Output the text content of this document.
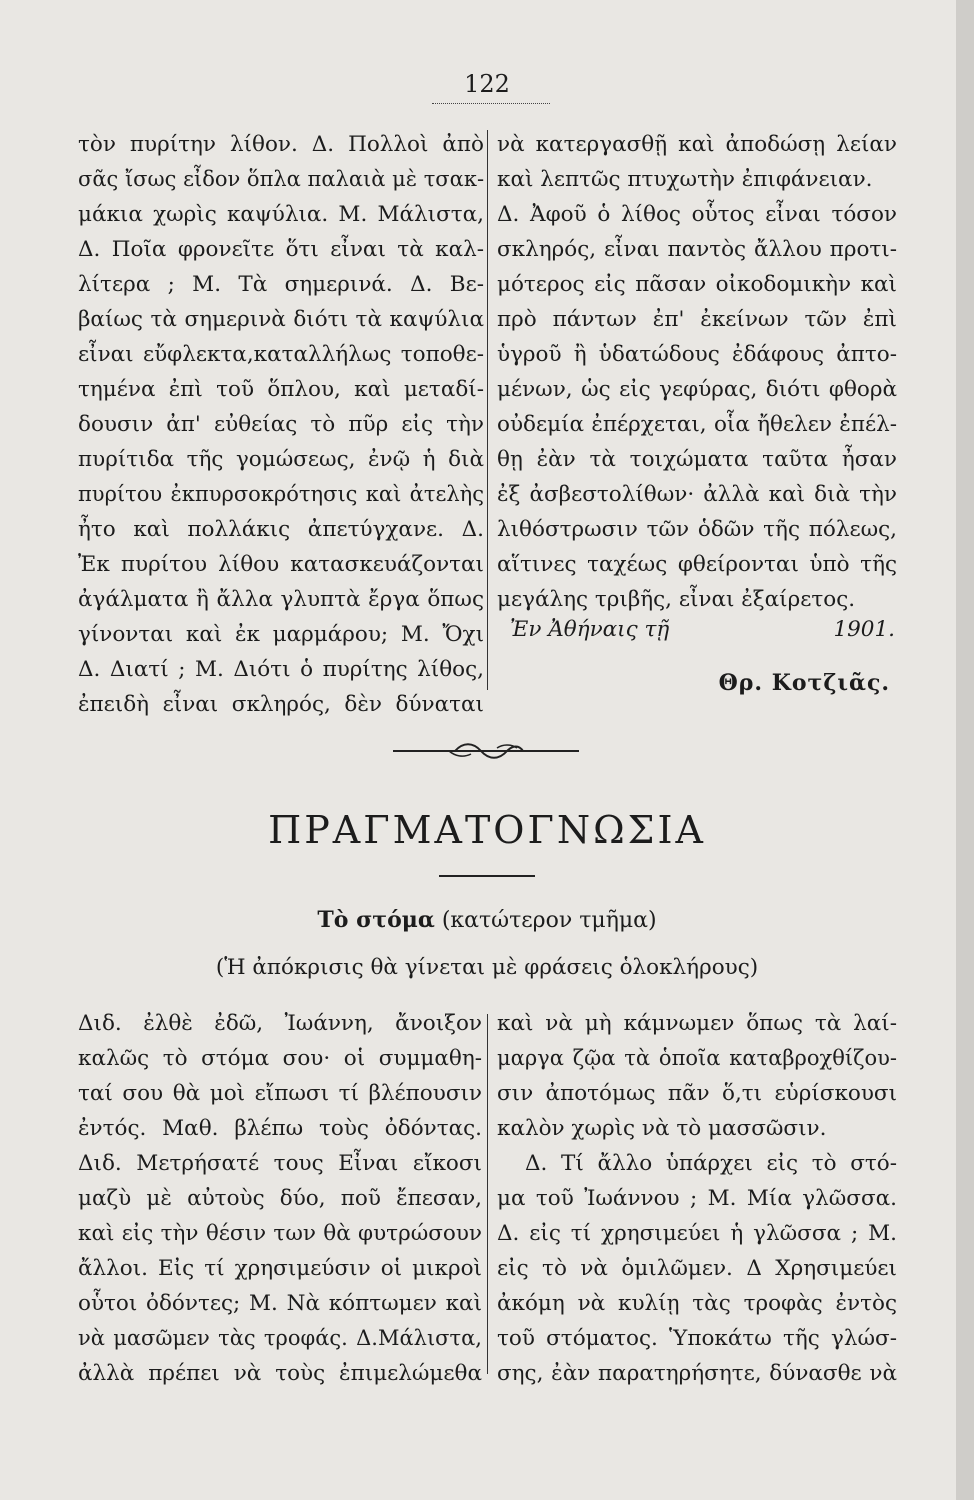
122
τὸν πυρίτην λίθον. Δ. Πολλοὶ ἀπὸ
σᾶς ἴσως εἶδον ὅπλα παλαιὰ μὲ τσακ-
μάκια χωρὶς καψύλια. Μ. Μάλιστα,
Δ. Ποῖα φρονεῖτε ὅτι εἶναι τὰ καλ-
λίτερα ; Μ. Τὰ σημερινά. Δ. Βε-
βαίως τὰ σημερινὰ διότι τὰ καψύλια
εἶναι εὔφλεκτα,καταλλήλως τοποθε-
τημένα ἐπὶ τοῦ ὅπλου, καὶ μεταδί-
δουσιν ἀπ' εὐθείας τὸ πῦρ εἰς τὴν
πυρίτιδα τῆς γομώσεως, ἐνῷ ἡ διὰ
πυρίτου ἐκπυρσοκρότησις καὶ ἀτελὴς
ἦτο καὶ πολλάκις ἀπετύγχανε. Δ.
Ἐκ πυρίτου λίθου κατασκευάζονται
ἀγάλματα ἢ ἄλλα γλυπτὰ ἔργα ὅπως
γίνονται καὶ ἐκ μαρμάρου; Μ. Ὄχι
Δ. Διατί ; Μ. Διότι ὁ πυρίτης λίθος,
ἐπειδὴ εἶναι σκληρός, δὲν δύναται
νὰ κατεργασθῇ καὶ ἀποδώσῃ λείαν
καὶ λεπτῶς πτυχωτὴν ἐπιφάνειαν.
Δ. Ἀφοῦ ὁ λίθος οὗτος εἶναι τόσον
σκληρός, εἶναι παντὸς ἄλλου προτι-
μότερος εἰς πᾶσαν οἰκοδομικὴν καὶ
πρὸ πάντων ἐπ' ἐκείνων τῶν ἐπὶ
ὑγροῦ ἢ ὑδατώδους ἐδάφους ἀπτο-
μένων, ὡς εἰς γεφύρας, διότι φθορὰ
οὐδεμία ἐπέρχεται, οἷα ἤθελεν ἐπέλ-
θῃ ἐὰν τὰ τοιχώματα ταῦτα ἦσαν
ἐξ ἀσβεστολίθων· ἀλλὰ καὶ διὰ τὴν
λιθόστρωσιν τῶν ὁδῶν τῆς πόλεως,
αἵτινες ταχέως φθείρονται ὑπὸ τῆς
μεγάλης τριβῆς, εἶναι ἐξαίρετος.
Ἐν Ἀθήναις τῇ	1901.
Θρ. Κοτζιᾶς.
ΠΡΑΓΜΑΤΟΓΝΩΣΙΑ
Τὸ στόμα (κατώτερον τμῆμα)
(Ἡ ἀπόκρισις θὰ γίνεται μὲ φράσεις ὁλοκλήρους)
Διδ. ἐλθὲ ἐδῶ, Ἰωάννη, ἄνοιξον
καλῶς τὸ στόμα σου· οἱ συμμαθη-
ταί σου θὰ μοὶ εἴπωσι τί βλέπουσιν
ἐντός. Μαθ. βλέπω τοὺς ὀδόντας.
Διδ. Μετρήσατέ τους Εἶναι εἴκοσι
μαζὺ μὲ αὐτοὺς δύο, ποῦ ἔπεσαν,
καὶ εἰς τὴν θέσιν των θὰ φυτρώσουν
ἄλλοι. Εἰς τί χρησιμεύσιν οἱ μικροὶ
οὗτοι ὀδόντες; Μ. Νὰ κόπτωμεν καὶ
νὰ μασῶμεν τὰς τροφάς. Δ.Μάλιστα,
ἀλλὰ πρέπει νὰ τοὺς ἐπιμελώμεθα
καὶ νὰ μὴ κάμνωμεν ὅπως τὰ λαί-
μαργα ζῷα τὰ ὁποῖα καταβροχθίζου-
σιν ἀποτόμως πᾶν ὅ,τι εὑρίσκουσι
καλὸν χωρὶς νὰ τὸ μασσῶσιν.
Δ. Τί ἄλλο ὑπάρχει εἰς τὸ στό-
μα τοῦ Ἰωάννου ; Μ. Μία γλῶσσα.
Δ. εἰς τί χρησιμεύει ἡ γλῶσσα ; Μ.
εἰς τὸ νὰ ὁμιλῶμεν. Δ Χρησιμεύει
ἀκόμη νὰ κυλίῃ τὰς τροφὰς ἐντὸς
τοῦ στόματος. Ὑποκάτω τῆς γλώσ-
σης, ἐὰν παρατηρήσητε, δύνασθε νὰ
